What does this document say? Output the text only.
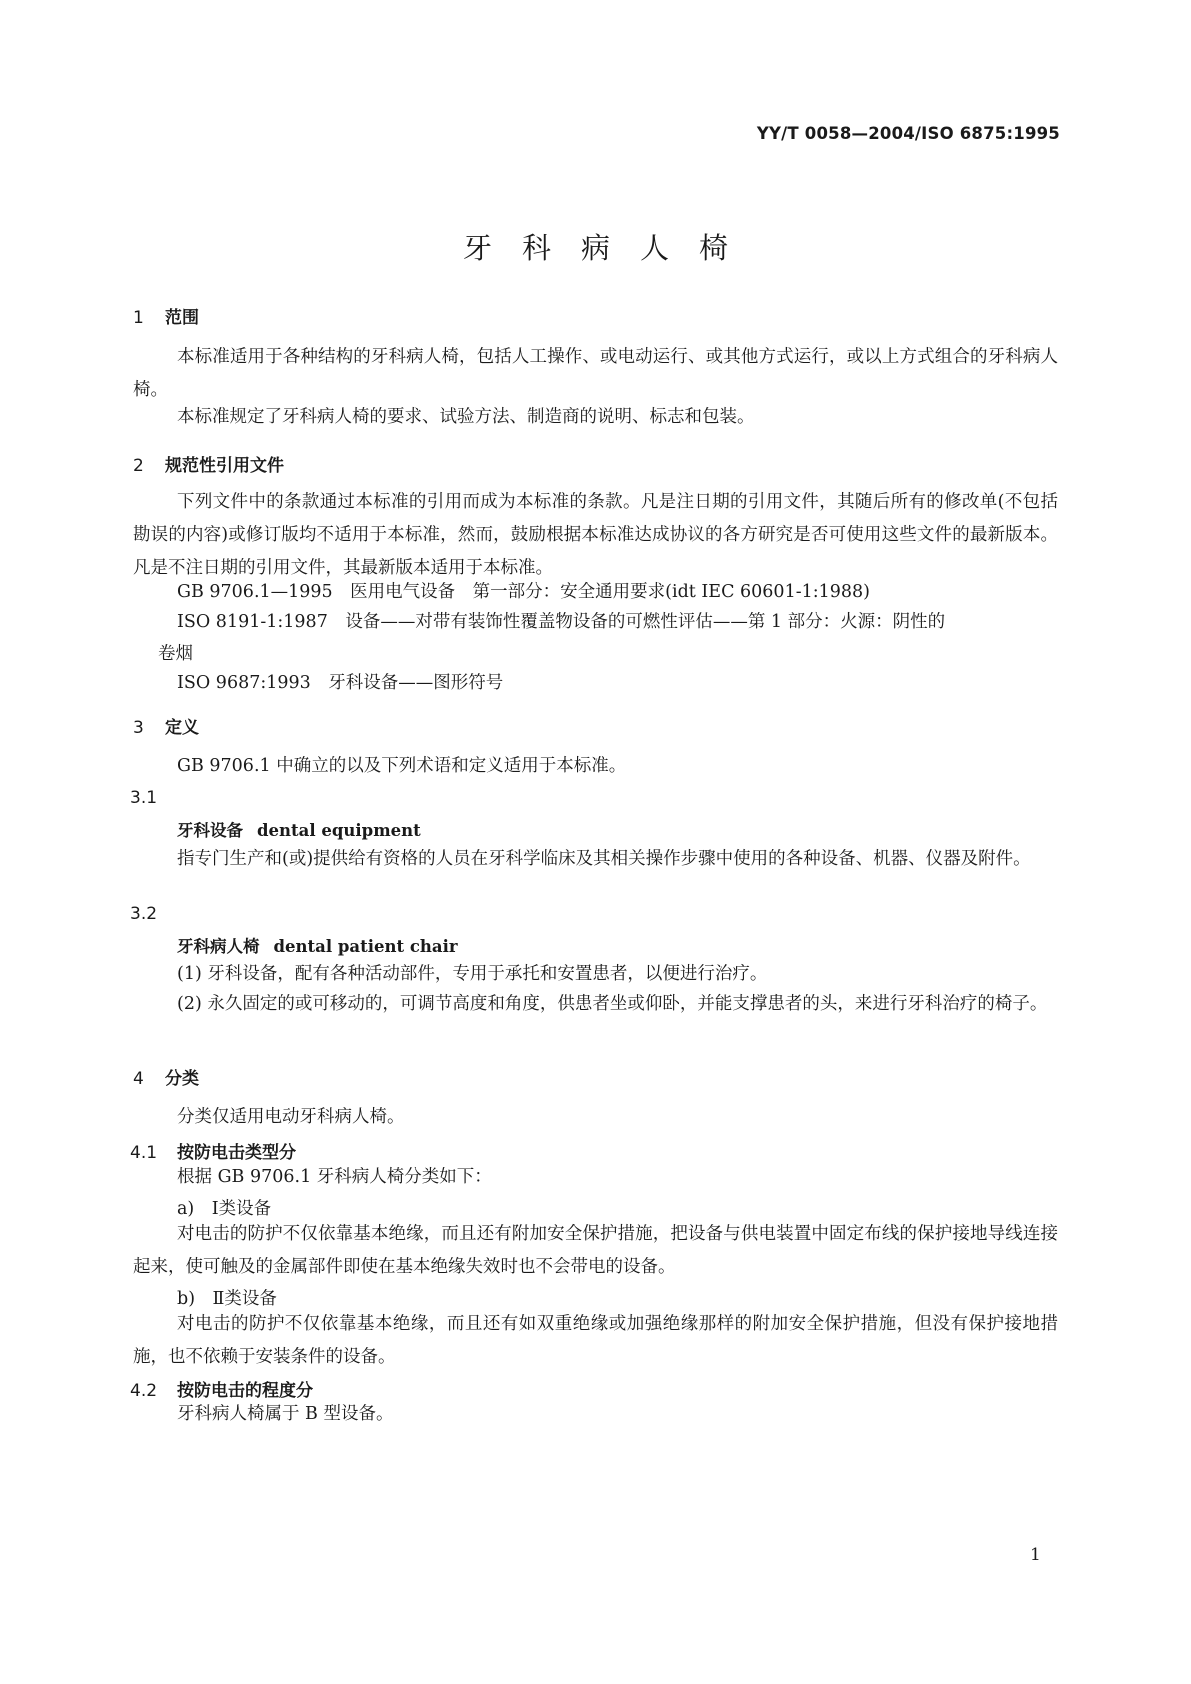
YY/T 0058—2004/ISO 6875:1995
牙科病人椅
1 范围
本标准适用于各种结构的牙科病人椅，包括人工操作、或电动运行、或其他方式运行，或以上方式组合的牙科病人椅。
本标准规定了牙科病人椅的要求、试验方法、制造商的说明、标志和包装。
2 规范性引用文件
下列文件中的条款通过本标准的引用而成为本标准的条款。凡是注日期的引用文件，其随后所有的修改单(不包括勘误的内容)或修订版均不适用于本标准，然而，鼓励根据本标准达成协议的各方研究是否可使用这些文件的最新版本。凡是不注日期的引用文件，其最新版本适用于本标准。
GB 9706.1—1995　医用电气设备　第一部分：安全通用要求(idt IEC 60601-1:1988)
ISO 8191-1:1987　设备——对带有装饰性覆盖物设备的可燃性评估——第 1 部分：火源：阴性的
卷烟
ISO 9687:1993　牙科设备——图形符号
3 定义
GB 9706.1 中确立的以及下列术语和定义适用于本标准。
3.1
牙科设备 dental equipment
指专门生产和(或)提供给有资格的人员在牙科学临床及其相关操作步骤中使用的各种设备、机器、仪器及附件。
3.2
牙科病人椅 dental patient chair
(1) 牙科设备，配有各种活动部件，专用于承托和安置患者，以便进行治疗。
(2) 永久固定的或可移动的，可调节高度和角度，供患者坐或仰卧，并能支撑患者的头，来进行牙科治疗的椅子。
4 分类
分类仅适用电动牙科病人椅。
4.1 按防电击类型分
根据 GB 9706.1 牙科病人椅分类如下：
a)　Ⅰ类设备
对电击的防护不仅依靠基本绝缘，而且还有附加安全保护措施，把设备与供电装置中固定布线的保护接地导线连接起来，使可触及的金属部件即使在基本绝缘失效时也不会带电的设备。
b)　Ⅱ类设备
对电击的防护不仅依靠基本绝缘，而且还有如双重绝缘或加强绝缘那样的附加安全保护措施，但没有保护接地措施，也不依赖于安装条件的设备。
4.2 按防电击的程度分
牙科病人椅属于 B 型设备。
1
